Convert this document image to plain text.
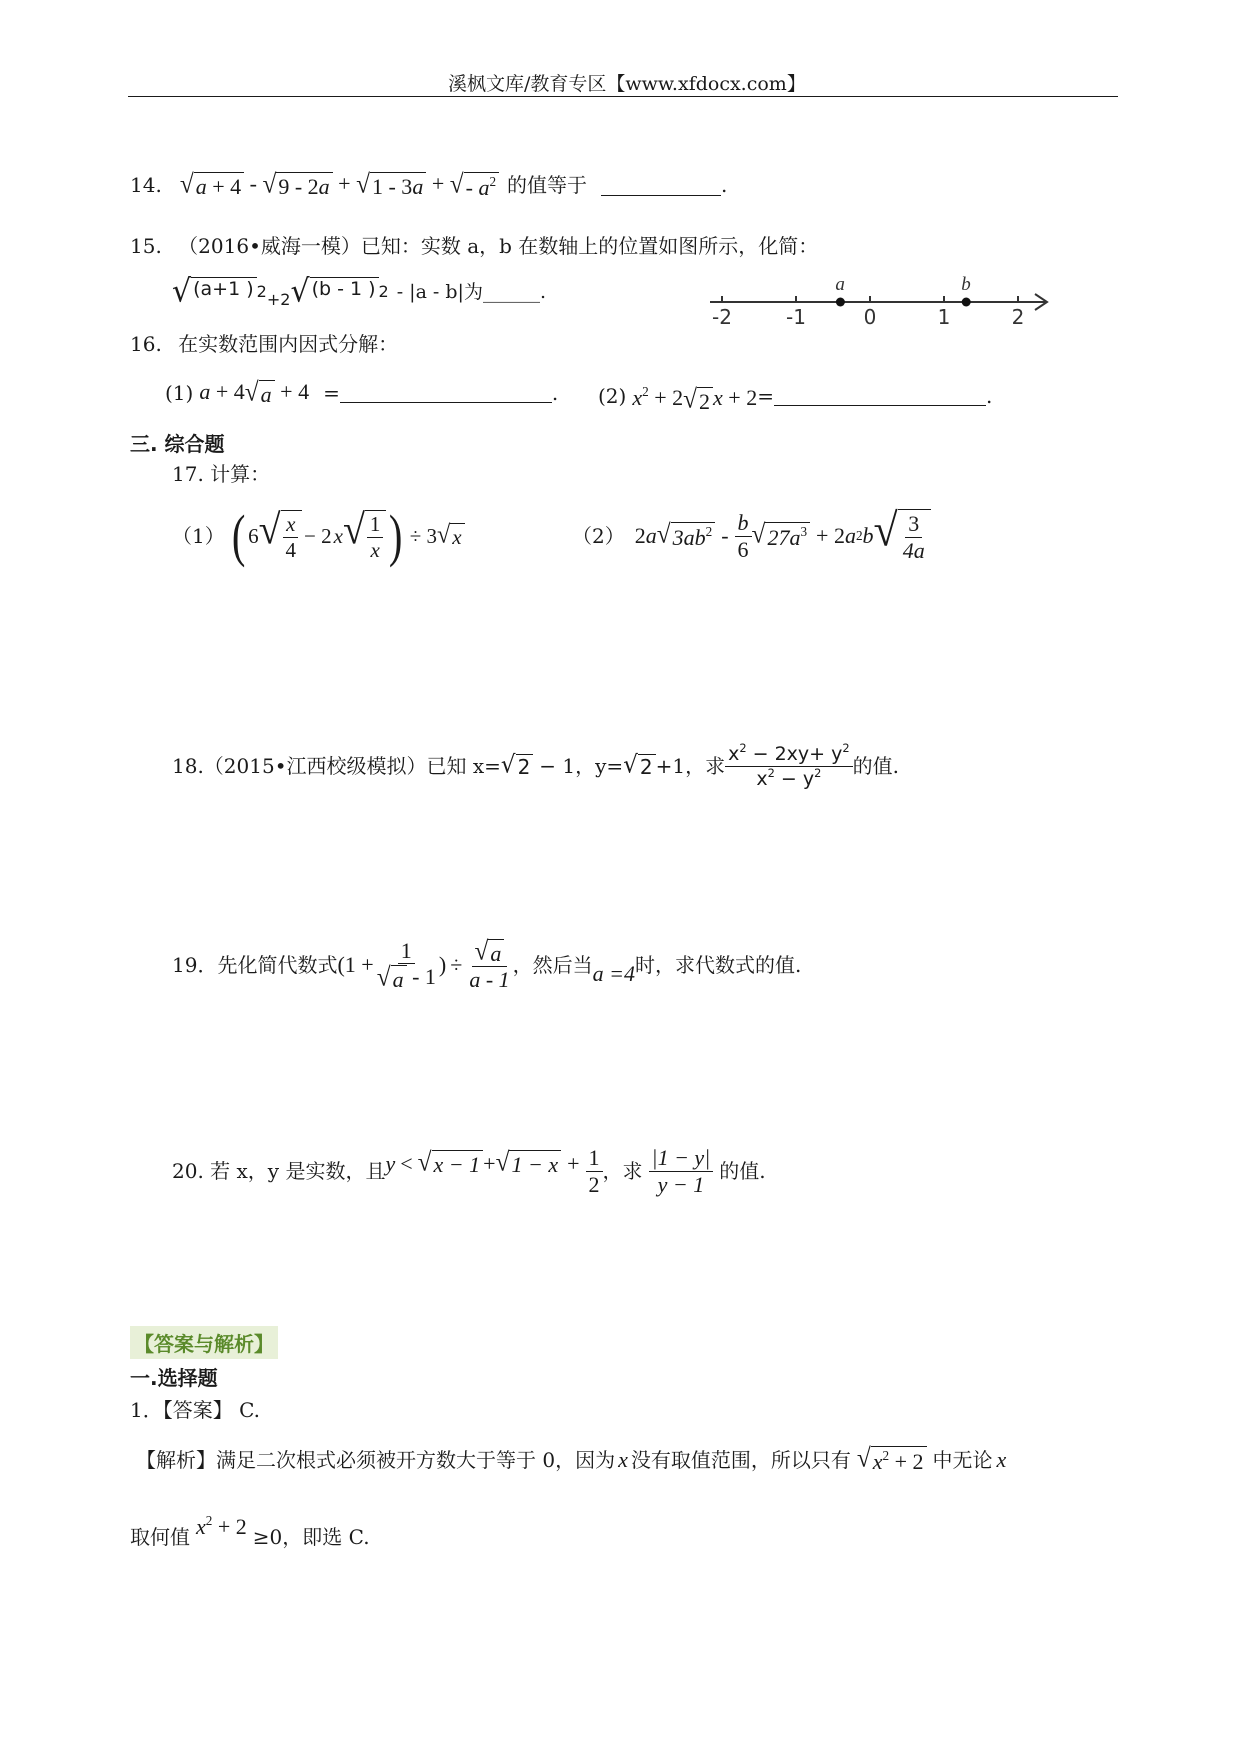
溪枫文库/教育专区【www.xfdocx.com】
14. √ a + 4 - √ 9 - 2a + √ 1 - 3a + √ - $a^2$ 的值等于	.
15. （2016•威海一模）已知：实数 a，b 在数轴上的位置如图所示，化简：
√ (a+1 ) 2 +2 √ (b - 1 ) 2 - |a - b|为______.
-2	-1	0	1	2
a	b
16. 在实数范围内因式分解：
(1) a + 4 √ a + 4 =	. (2) $x^2 + 2$ √ 2 x + 2 =	.
三. 综合题
17. 计算：
（1） ( 6 √ $\frac{x}{4} - 2$ x √ $\frac{1}{x}$ ) ÷ 3 √ x	（2） 2 a √ $3ab^2 - \frac{b}{6}$ √ $27a^3 + 2$ a 2 b √ $\frac{3}{4a}$
18.（2015•江西校级模拟）已知 x= √ 2 − 1，y= √ 2 +1，求 $\frac{x^2 - 2xy+ y^2}{x^2 - y^2}$ 的值.
19．先化简代数式 ($1 + \frac{1}{√ a - 1}$ ) ÷ $\frac{√ a}{a - 1}$ ，然后当 a =4 时，求代数式的值.
20. 若 x，y 是实数，且 y < √ x − 1 + √ $1 - x + \frac{1}{2}$ ，求 $\frac{|1 - y|}{y - 1}$ 的值.
【答案与解析】
一.选择题
1．【答案】 C.
【解析】满足二次根式必须被开方数大于等于 0，因为 x 没有取值范围，所以只有 √ $x^2 + 2$ 中无论 x
取何值 $x^2 + 2 \ge 0$，即选 C.
